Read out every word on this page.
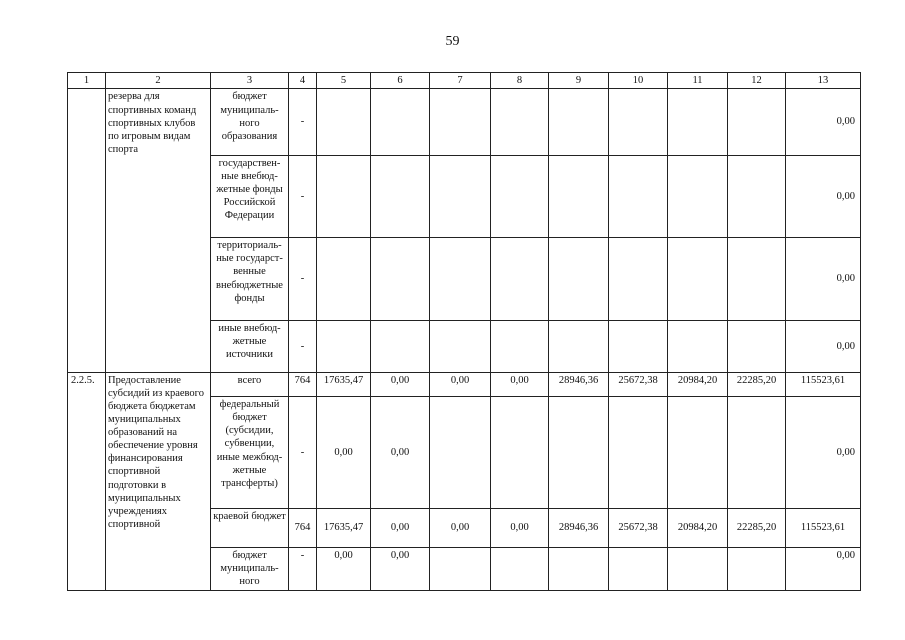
59
1	2	3	4	5	6	7	8	9	10	11	12	13
	резерва для спортивных команд спортивных клубов по игровым видам спорта	бюджет муниципаль-ного образования	-									0,00
		государствен-ные внебюд-жетные фонды Российской Федерации	-									0,00
		территориаль-ные государст-венные внебюджетные фонды	-									0,00
		иные внебюд-жетные источники	-									0,00
2.2.5.	Предоставление субсидий из краевого бюджета бюджетам муниципальных образований на обеспечение уровня финансирования спортивной подготовки в муниципальных учреждениях спортивной	всего	764	17635,47	0,00	0,00	0,00	28946,36	25672,38	20984,20	22285,20	115523,61
		федеральный бюджет (субсидии, субвенции, иные межбюд-жетные трансферты)	-	0,00	0,00							0,00
		краевой бюджет	764	17635,47	0,00	0,00	0,00	28946,36	25672,38	20984,20	22285,20	115523,61
		бюджет муниципаль-ного	-	0,00	0,00							0,00
